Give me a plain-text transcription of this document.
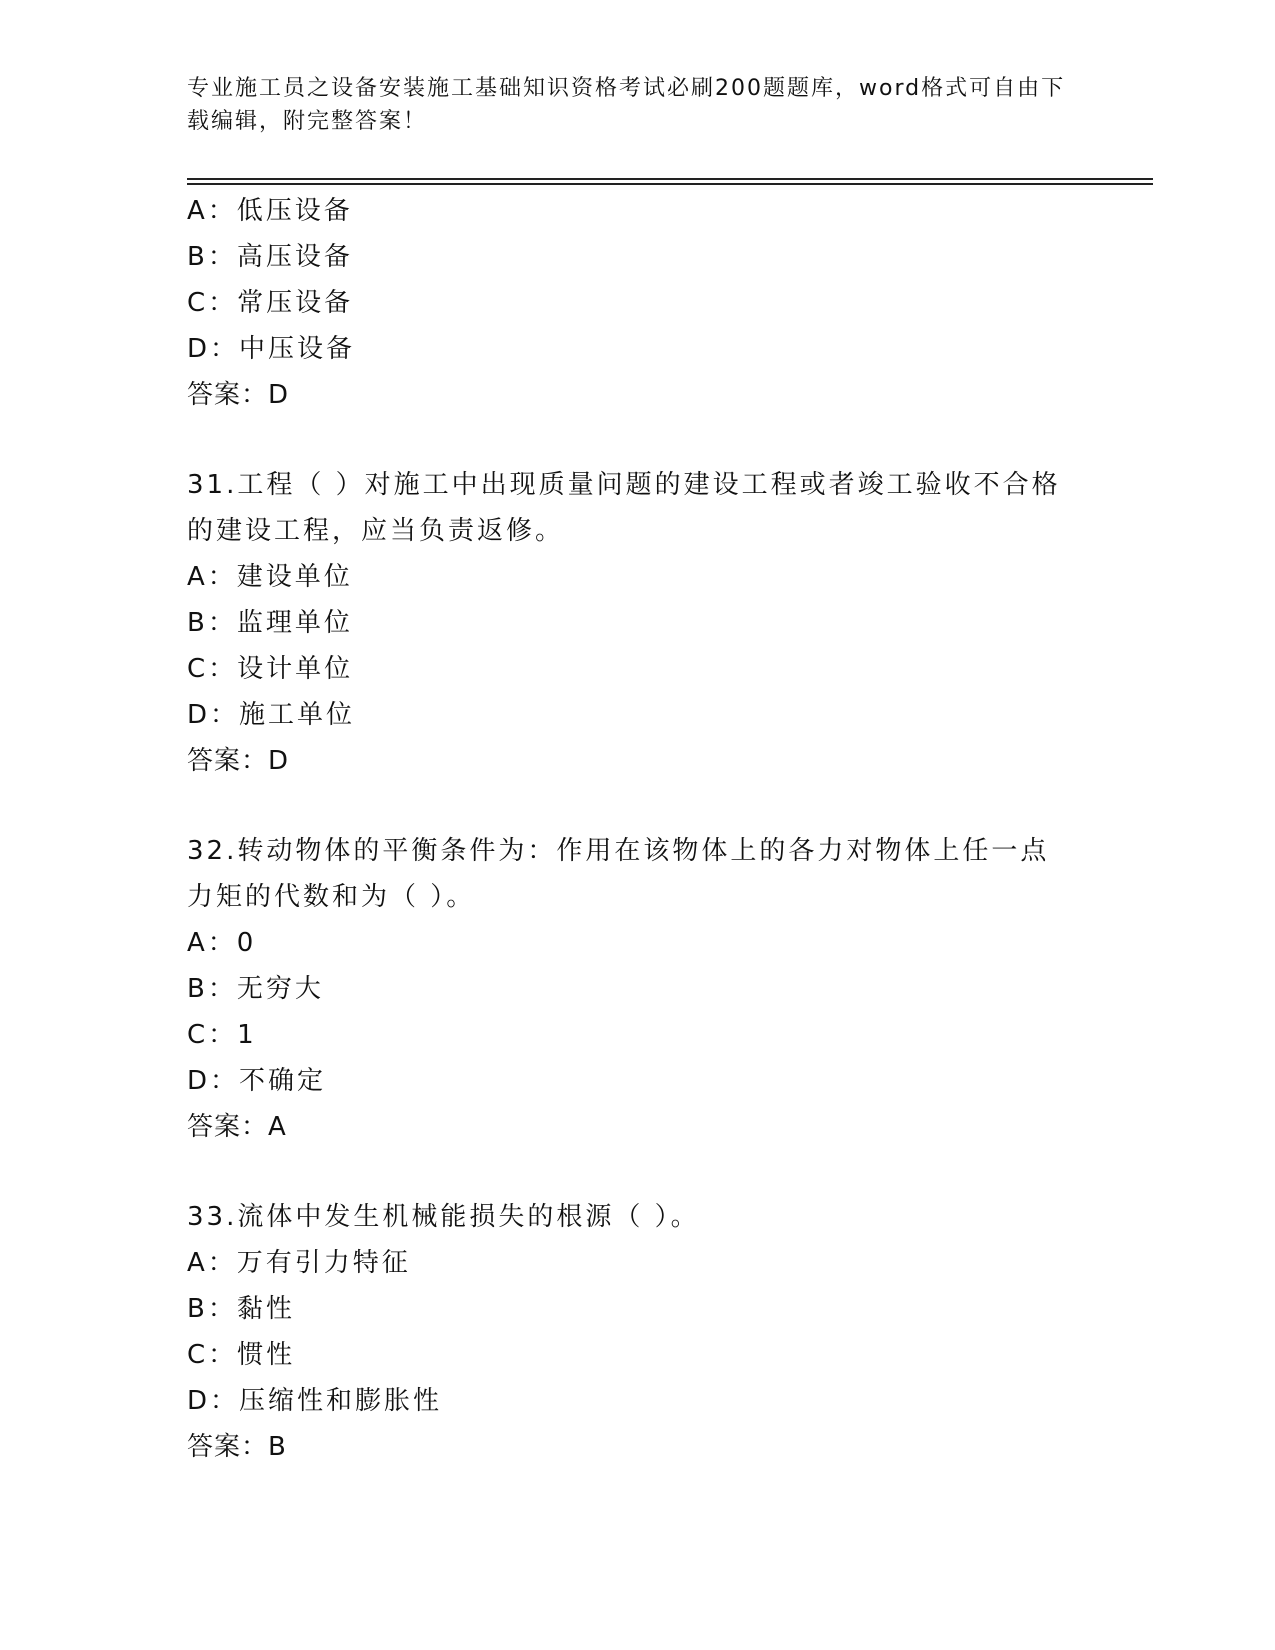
专业施工员之设备安装施工基础知识资格考试必刷200题题库，word格式可自由下载编辑，附完整答案！
A：低压设备
B：高压设备
C：常压设备
D：中压设备
答案：D
31.工程（ ）对施工中出现质量问题的建设工程或者竣工验收不合格的建设工程，应当负责返修。
A：建设单位
B：监理单位
C：设计单位
D：施工单位
答案：D
32.转动物体的平衡条件为：作用在该物体上的各力对物体上任一点力矩的代数和为（ ）。
A：0
B：无穷大
C：1
D：不确定
答案：A
33.流体中发生机械能损失的根源（ ）。
A：万有引力特征
B：黏性
C：惯性
D：压缩性和膨胀性
答案：B
